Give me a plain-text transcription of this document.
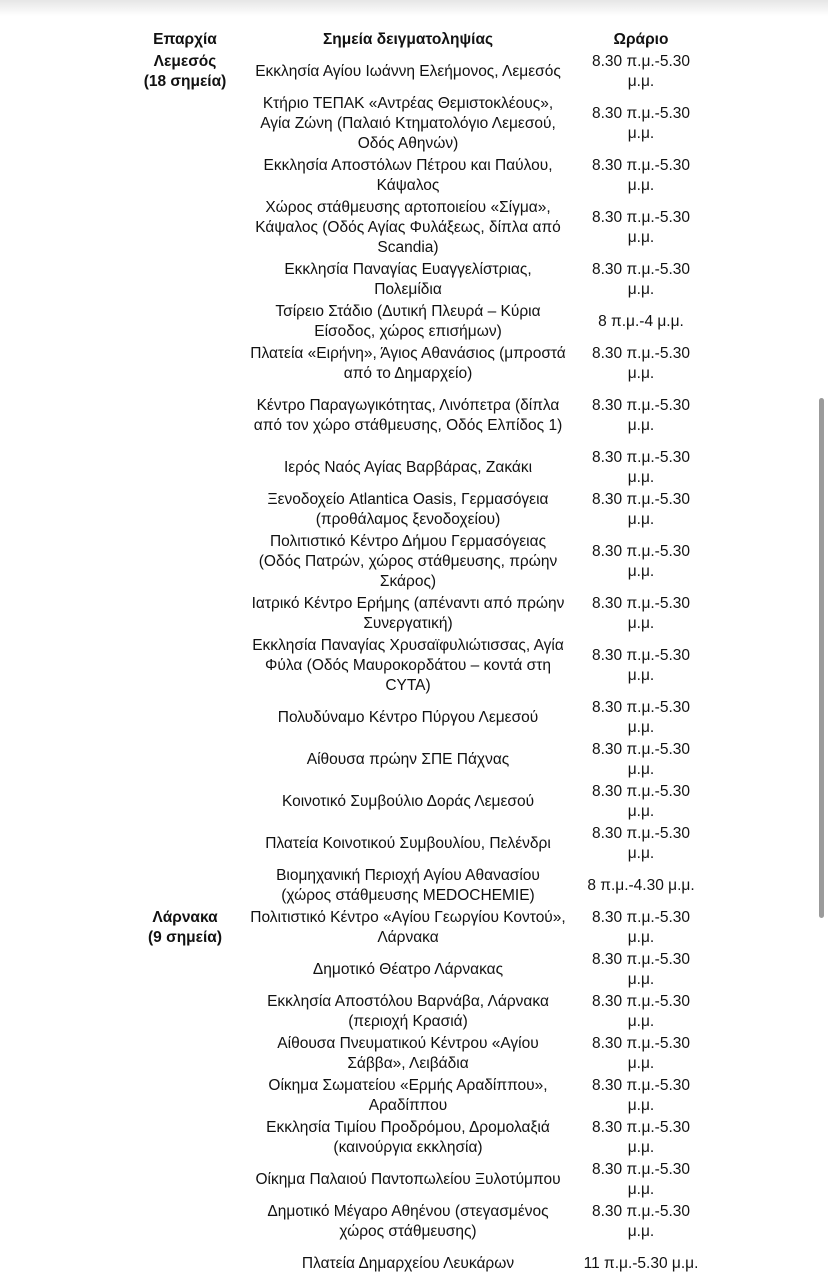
Επαρχία	Σημεία δειγματοληψίας	Ωράριο
Λεμεσός
(18 σημεία)	Εκκλησία Αγίου Ιωάννη Ελεήμονος, Λεμεσός	8.30 π.μ.-5.30 μ.μ.
	Κτήριο ΤΕΠΑΚ «Αντρέας Θεμιστοκλέους», Αγία Ζώνη (Παλαιό Κτηματολόγιο Λεμεσού, Οδός Αθηνών)	8.30 π.μ.-5.30 μ.μ.
	Εκκλησία Αποστόλων Πέτρου και Παύλου, Κάψαλος	8.30 π.μ.-5.30 μ.μ.
	Χώρος στάθμευσης αρτοποιείου «Σίγμα», Κάψαλος (Οδός Αγίας Φυλάξεως, δίπλα από Scandia)	8.30 π.μ.-5.30 μ.μ.
	Εκκλησία Παναγίας Ευαγγελίστριας, Πολεμίδια	8.30 π.μ.-5.30 μ.μ.
	Τσίρειο Στάδιο (Δυτική Πλευρά – Κύρια Είσοδος, χώρος επισήμων)	8 π.μ.-4 μ.μ.
	Πλατεία «Ειρήνη», Άγιος Αθανάσιος (μπροστά από το Δημαρχείο)	8.30 π.μ.-5.30 μ.μ.
	Κέντρο Παραγωγικότητας, Λινόπετρα (δίπλα από τον χώρο στάθμευσης, Οδός Ελπίδος 1)	8.30 π.μ.-5.30 μ.μ.
	Ιερός Ναός Αγίας Βαρβάρας, Ζακάκι	8.30 π.μ.-5.30 μ.μ.
	Ξενοδοχείο Atlantica Oasis, Γερμασόγεια (προθάλαμος ξενοδοχείου)	8.30 π.μ.-5.30 μ.μ.
	Πολιτιστικό Κέντρο Δήμου Γερμασόγειας (Οδός Πατρών, χώρος στάθμευσης, πρώην Σκάρος)	8.30 π.μ.-5.30 μ.μ.
	Ιατρικό Κέντρο Ερήμης (απέναντι από πρώην Συνεργατική)	8.30 π.μ.-5.30 μ.μ.
	Εκκλησία Παναγίας Χρυσαϊφυλιώτισσας, Αγία Φύλα (Οδός Μαυροκορδάτου – κοντά στη CYTA)	8.30 π.μ.-5.30 μ.μ.
	Πολυδύναμο Κέντρο Πύργου Λεμεσού	8.30 π.μ.-5.30 μ.μ.
	Αίθουσα πρώην ΣΠΕ Πάχνας	8.30 π.μ.-5.30 μ.μ.
	Κοινοτικό Συμβούλιο Δοράς Λεμεσού	8.30 π.μ.-5.30 μ.μ.
	Πλατεία Κοινοτικού Συμβουλίου, Πελένδρι	8.30 π.μ.-5.30 μ.μ.
	Βιομηχανική Περιοχή Αγίου Αθανασίου (χώρος στάθμευσης MEDOCHEMIE)	8 π.μ.-4.30 μ.μ.
Λάρνακα
(9 σημεία)	Πολιτιστικό Κέντρο «Αγίου Γεωργίου Κοντού», Λάρνακα	8.30 π.μ.-5.30 μ.μ.
	Δημοτικό Θέατρο Λάρνακας	8.30 π.μ.-5.30 μ.μ.
	Εκκλησία Αποστόλου Βαρνάβα, Λάρνακα (περιοχή Κρασιά)	8.30 π.μ.-5.30 μ.μ.
	Αίθουσα Πνευματικού Κέντρου «Αγίου Σάββα», Λειβάδια	8.30 π.μ.-5.30 μ.μ.
	Οίκημα Σωματείου «Ερμής Αραδίππου», Αραδίππου	8.30 π.μ.-5.30 μ.μ.
	Εκκλησία Τιμίου Προδρόμου, Δρομολαξιά (καινούργια εκκλησία)	8.30 π.μ.-5.30 μ.μ.
	Οίκημα Παλαιού Παντοπωλείου Ξυλοτύμπου	8.30 π.μ.-5.30 μ.μ.
	Δημοτικό Μέγαρο Αθηένου (στεγασμένος χώρος στάθμευσης)	8.30 π.μ.-5.30 μ.μ.
	Πλατεία Δημαρχείου Λευκάρων	11 π.μ.-5.30 μ.μ.
